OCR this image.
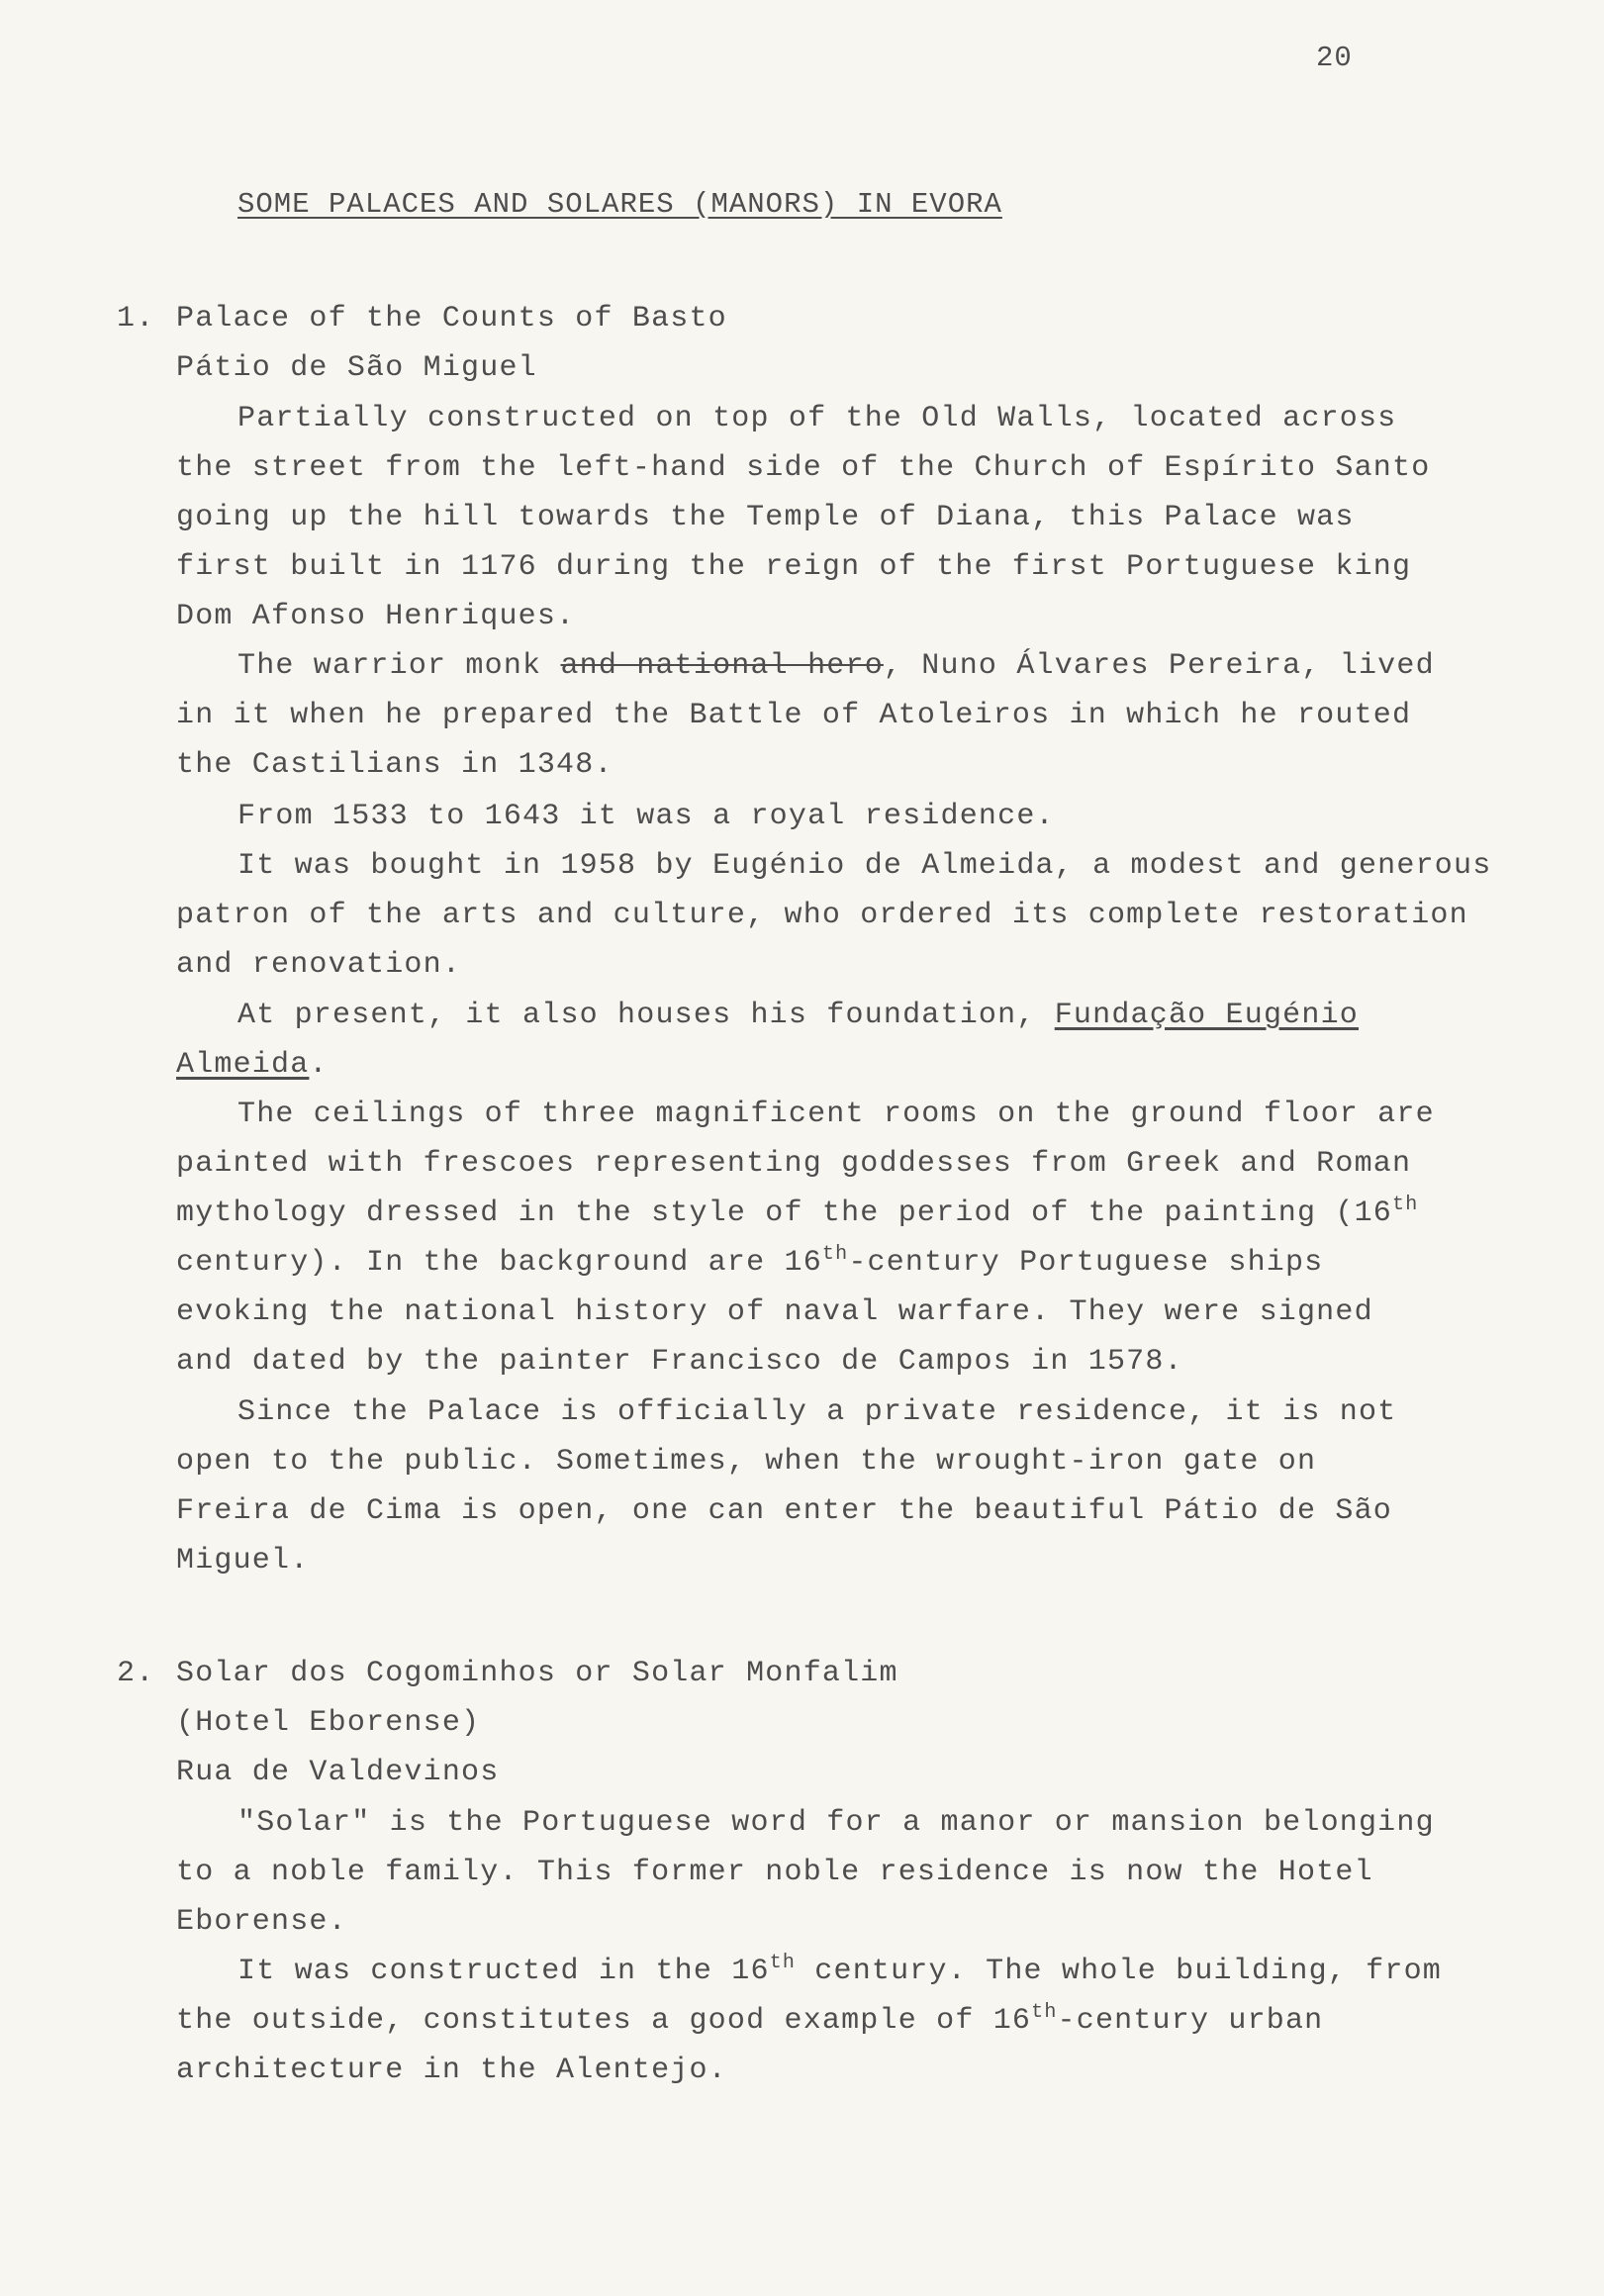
20
SOME PALACES AND SOLARES (MANORS) IN EVORA
1. Palace of the Counts of Basto
Pátio de São Miguel
Partially constructed on top of the Old Walls, located across
the street from the left-hand side of the Church of Espírito Santo
going up the hill towards the Temple of Diana, this Palace was
first built in 1176 during the reign of the first Portuguese king
Dom Afonso Henriques.
The warrior monk and national hero, Nuno Álvares Pereira, lived
in it when he prepared the Battle of Atoleiros in which he routed
the Castilians in 1348.
From 1533 to 1643 it was a royal residence.
It was bought in 1958 by Eugénio de Almeida, a modest and generous
patron of the arts and culture, who ordered its complete restoration
and renovation.
At present, it also houses his foundation, Fundação Eugénio
Almeida.
The ceilings of three magnificent rooms on the ground floor are
painted with frescoes representing goddesses from Greek and Roman
mythology dressed in the style of the period of the painting (16th
century). In the background are 16th-century Portuguese ships
evoking the national history of naval warfare. They were signed
and dated by the painter Francisco de Campos in 1578.
Since the Palace is officially a private residence, it is not
open to the public. Sometimes, when the wrought-iron gate on
Freira de Cima is open, one can enter the beautiful Pátio de São
Miguel.
2. Solar dos Cogominhos or Solar Monfalim
(Hotel Eborense)
Rua de Valdevinos
"Solar" is the Portuguese word for a manor or mansion belonging
to a noble family. This former noble residence is now the Hotel
Eborense.
It was constructed in the 16th century. The whole building, from
the outside, constitutes a good example of 16th-century urban
architecture in the Alentejo.
